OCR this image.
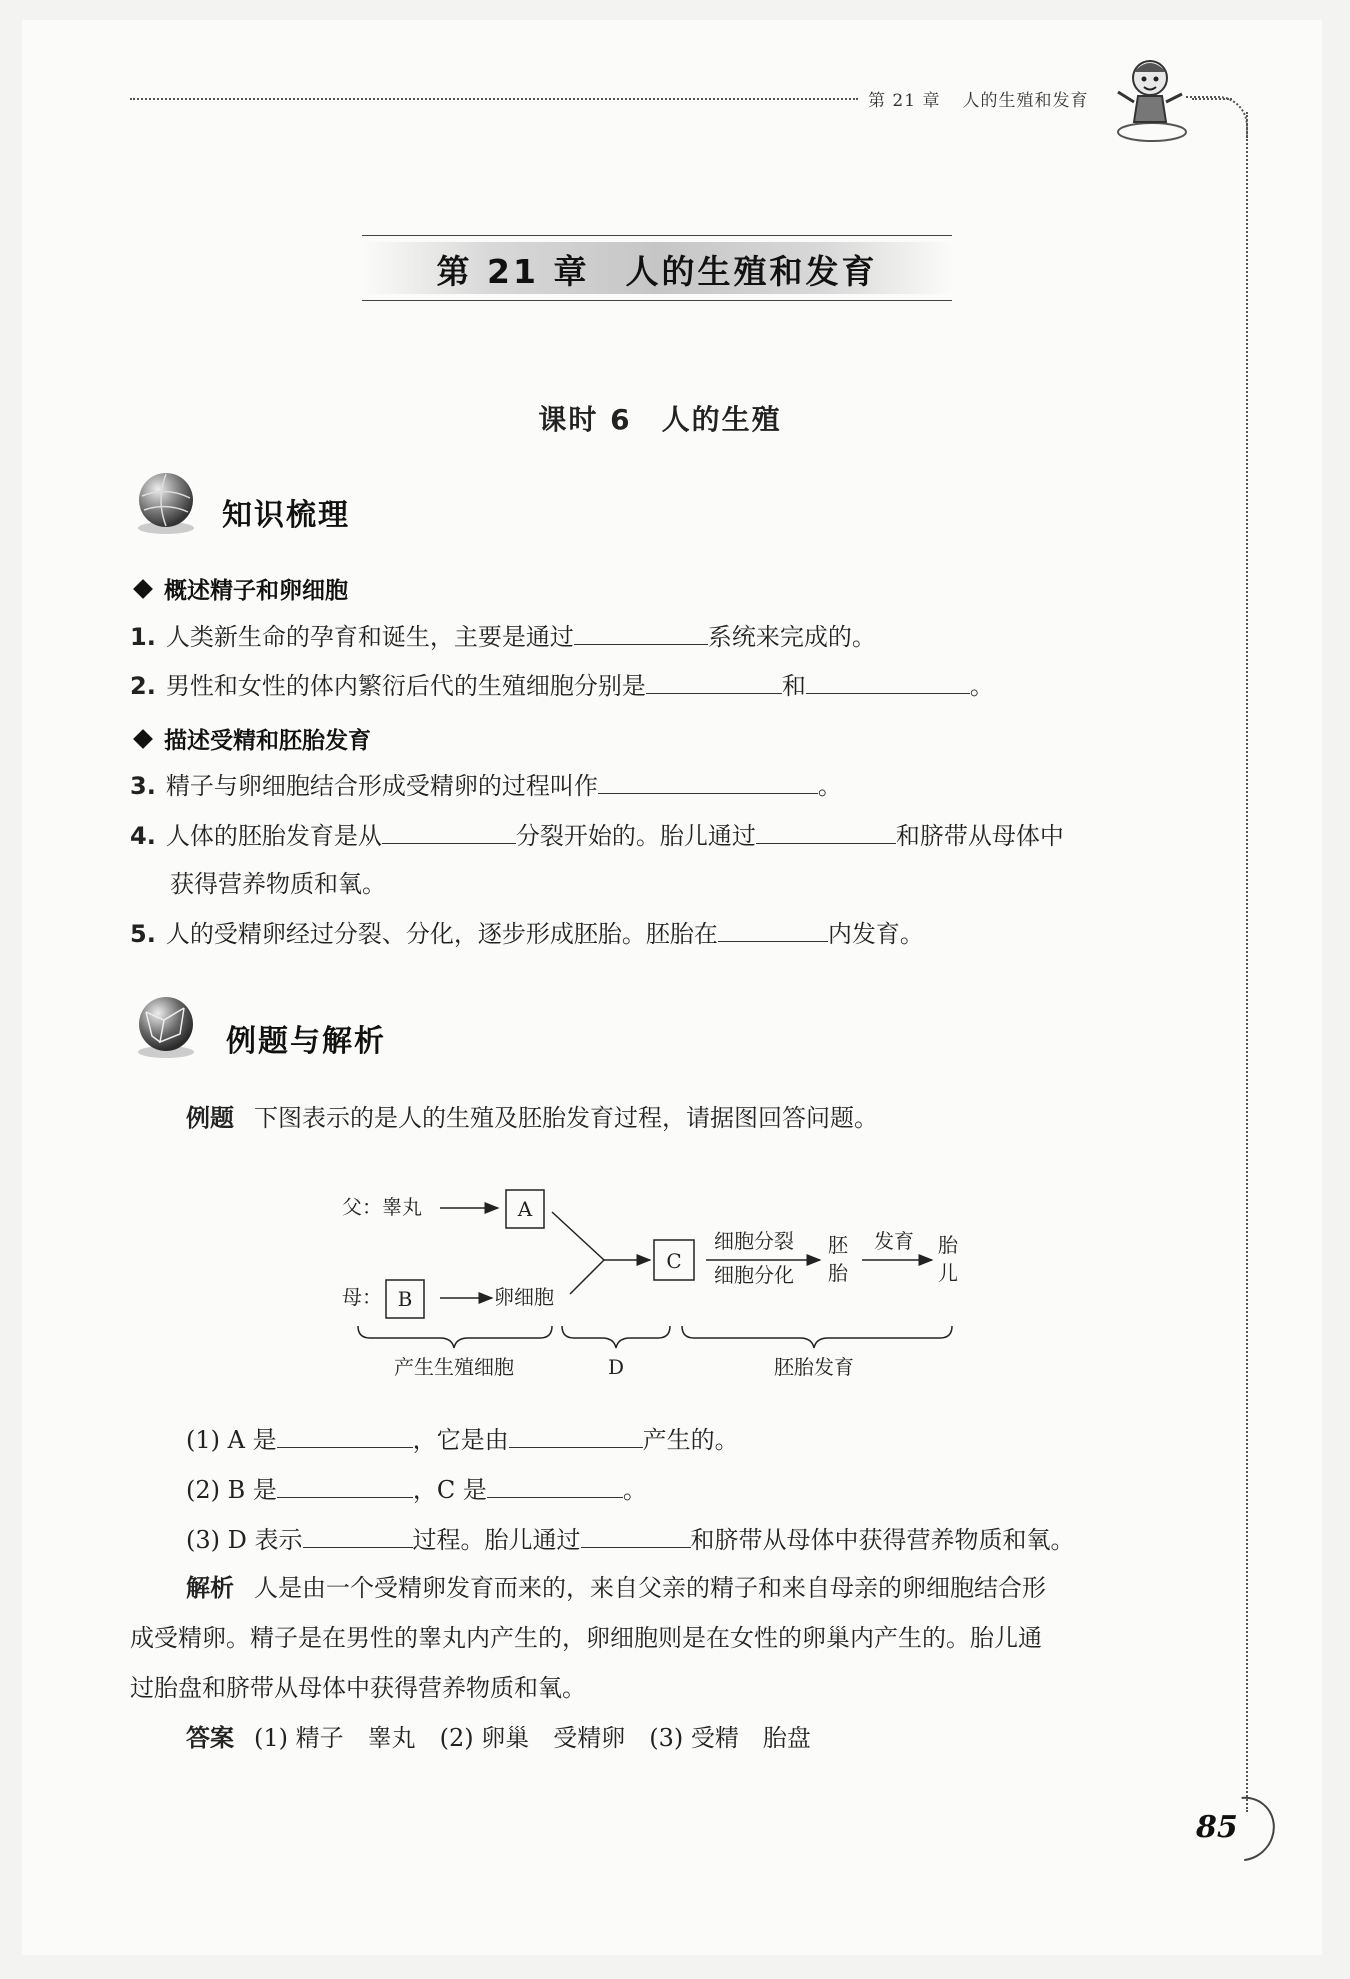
第 21 章 人的生殖和发育
第 21 章　人的生殖和发育
课时 6　人的生殖
知识梳理
概述精子和卵细胞
1. 人类新生命的孕育和诞生，主要是通过	系统来完成的。
2. 男性和女性的体内繁衍后代的生殖细胞分别是	和	。
描述受精和胚胎发育
3. 精子与卵细胞结合形成受精卵的过程叫作	。
4. 人体的胚胎发育是从	分裂开始的。胎儿通过	和脐带从母体中
获得营养物质和氧。
5. 人的受精卵经过分裂、分化，逐步形成胚胎。胚胎在	内发育。
例题与解析
例题 下图表示的是人的生殖及胚胎发育过程，请据图回答问题。
父：睾丸	A
母： B	卵细胞
C
细胞分裂
细胞分化
胚
胎
发育 胎
儿
产生生殖细胞	D	胚胎发育
(1) A 是	，它是由	产生的。
(2) B 是	，C 是	。
(3) D 表示	过程。胎儿通过	和脐带从母体中获得营养物质和氧。
解析 人是由一个受精卵发育而来的，来自父亲的精子和来自母亲的卵细胞结合形
成受精卵。精子是在男性的睾丸内产生的，卵细胞则是在女性的卵巢内产生的。胎儿通
过胎盘和脐带从母体中获得营养物质和氧。
答案 (1) 精子　睾丸　(2) 卵巢　受精卵　(3) 受精　胎盘
85
